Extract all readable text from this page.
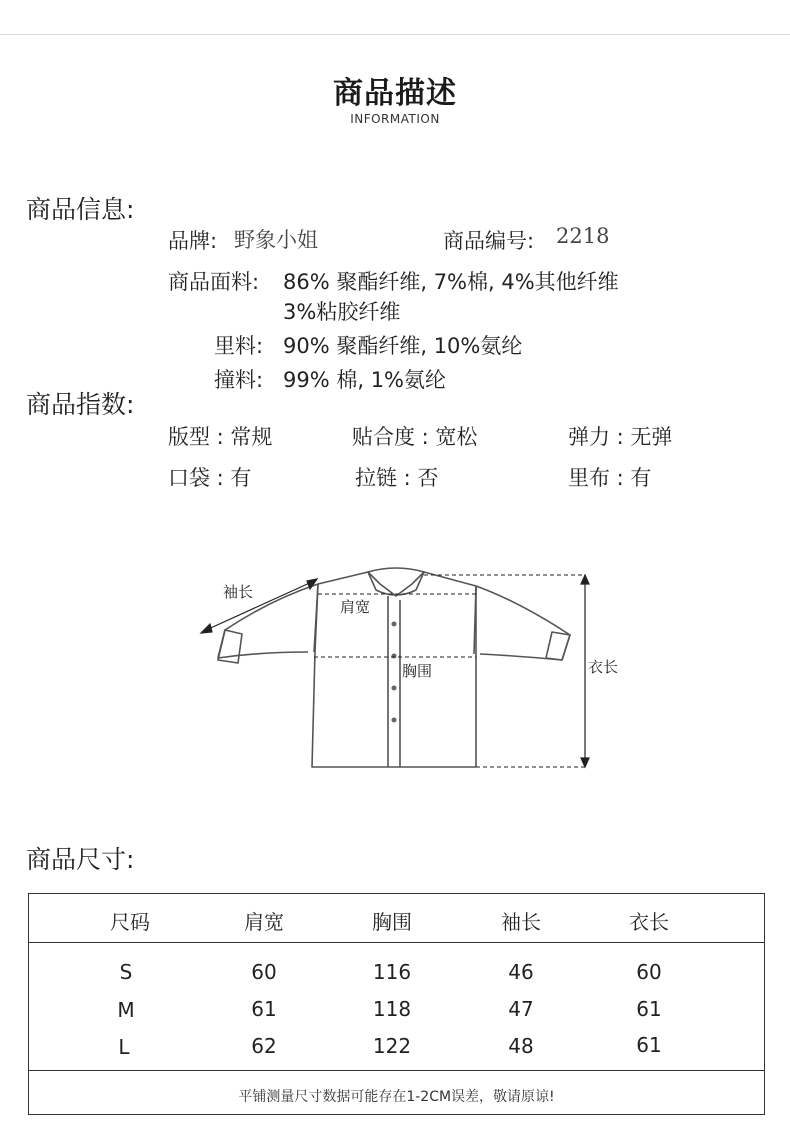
商品描述
INFORMATION
商品信息:
品牌: 野象小姐	商品编号: 2218
商品面料: 86% 聚酯纤维, 7%棉, 4%其他纤维
3%粘胶纤维
里料: 90% 聚酯纤维, 10%氨纶
撞料: 99% 棉, 1%氨纶
商品指数:
版型 : 常规	贴合度 : 宽松	弹力 : 无弹
口袋 : 有	拉链 : 否	里布 : 有
袖长
肩宽
胸围	衣长
商品尺寸:
尺码	肩宽	胸围	袖长	衣长
S	60	116	46	60
M	61	118	47	61
L	62	122	48	61
平铺测量尺寸数据可能存在1-2CM误差，敬请原谅!
